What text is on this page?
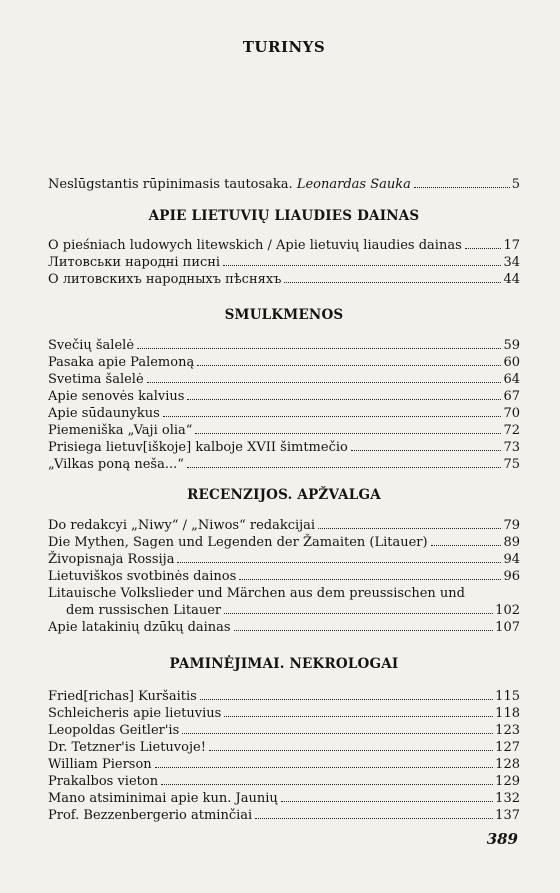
TURINYS
Neslūgstantis rūpinimasis tautosaka. Leonardas Sauka	5
APIE LIETUVIŲ LIAUDIES DAINAS
O pieśniach ludowych litewskich / Apie lietuvių liaudies dainas	17
Литовськи народні пиcні	34
О литовскихъ народныхъ пѣсняхъ	44
SMULKMENOS
Svečių šalelė	59
Pasaka apie Palemoną	60
Svetima šalelė	64
Apie senovės kalvius	67
Apie sūdaunykus	70
Piemeniška „Vaji olia“	72
Prisiega lietuv[iškoje] kalboje XVII šimtmečio	73
„Vilkas poną neša...“	75
RECENZIJOS. APŽVALGA
Do redakcyi „Niwy“ / „Niwos“ redakcijai	79
Die Mythen, Sagen und Legenden der Žamaiten (Litauer)	89
Živopisnaja Rossija	94
Lietuviškos svotbinės dainos	96
Litauische Volkslieder und Märchen aus dem preussischen und
dem russischen Litauer	102
Apie latakinių dzūkų dainas	107
PAMINĖJIMAI. NEKROLOGAI
Fried[richas] Kuršaitis	115
Schleicheris apie lietuvius	118
Leopoldas Geitler'is	123
Dr. Tetzner'is Lietuvoje!	127
William Pierson	128
Prakalbos vieton	129
Mano atsiminimai apie kun. Jaunių	132
Prof. Bezzenbergerio atminčiai	137
389
